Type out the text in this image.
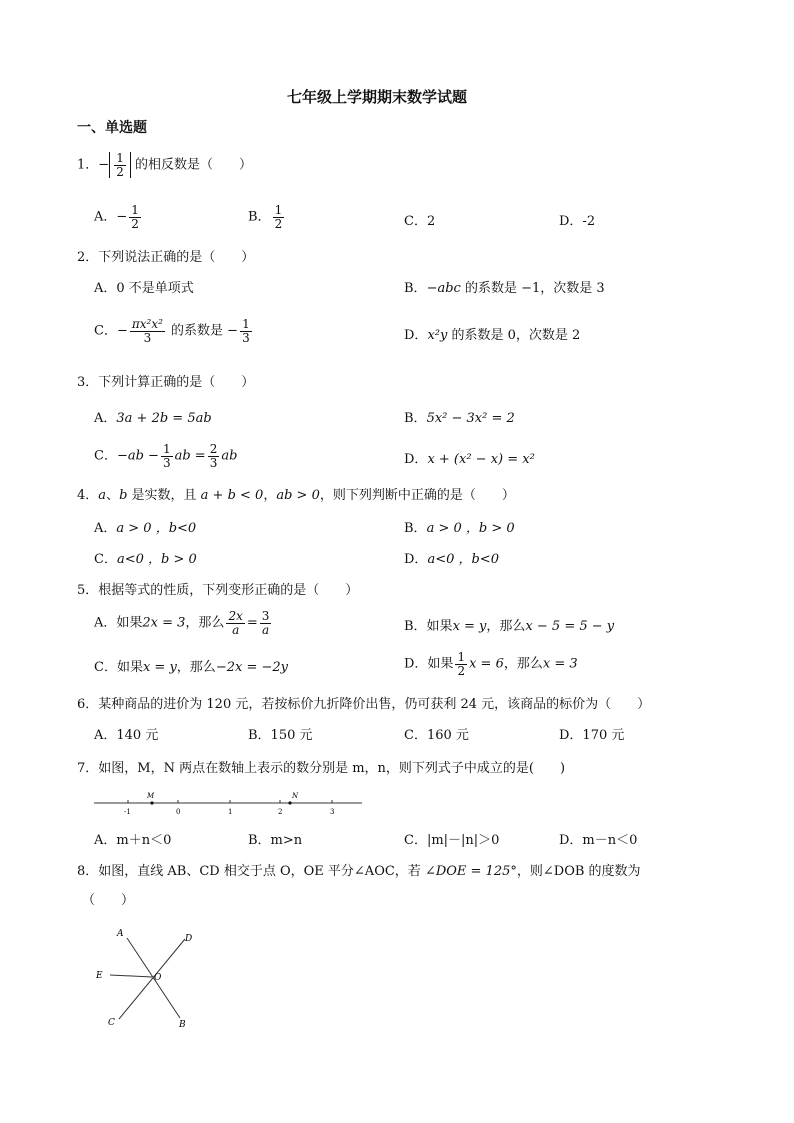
七年级上学期期末数学试题
一、单选题
1．− $\frac{1}{2}$ 的相反数是（　　）
A．− $\frac{1}{2}$	B． $\frac{1}{2}$	C．2	D．-2
2．下列说法正确的是（　　）
A．0 不是单项式	B．−abc 的系数是 −1，次数是 3
C．− $\frac{\text{πx²x²}}{3}$ 的系数是 − $\frac{1}{3}$	D．x²y 的系数是 0，次数是 2
3．下列计算正确的是（　　）
A．3a + 2b = 5ab	B．5x² − 3x² = 2
C．$-ab - \frac{1}{3}$ ab = $\frac{2}{3}$ ab	D．x + (x² − x) = x²
4．a、b 是实数，且 a + b < 0，ab > 0，则下列判断中正确的是（　　）
A．a > 0 ，b<0	B．a > 0 ，b > 0
C．a<0 ，b > 0	D．a<0 ，b<0
5．根据等式的性质，下列变形正确的是（　　）
A．如果2x = 3，那么 $\frac{2x}{a} = \frac{3}{a}$	B．如果x = y，那么x − 5 = 5 − y
C．如果x = y，那么−2x = −2y	D．如果 $\frac{1}{2}$ x = 6，那么x = 3
6．某种商品的进价为 120 元，若按标价九折降价出售，仍可获利 24 元，该商品的标价为（　　）
A．140 元	B．150 元	C．160 元	D．170 元
7．如图，M，N 两点在数轴上表示的数分别是 m，n，则下列式子中成立的是(　　)
M	N
-1	0	1	2	3
A．m＋n＜0	B．m>n	C．|m|－|n|＞0	D．m－n＜0
8．如图，直线 AB、CD 相交于点 O，OE 平分∠AOC，若 ∠DOE = 125°，则∠DOB 的度数为
（　　）
A	D
E	O
C	B
